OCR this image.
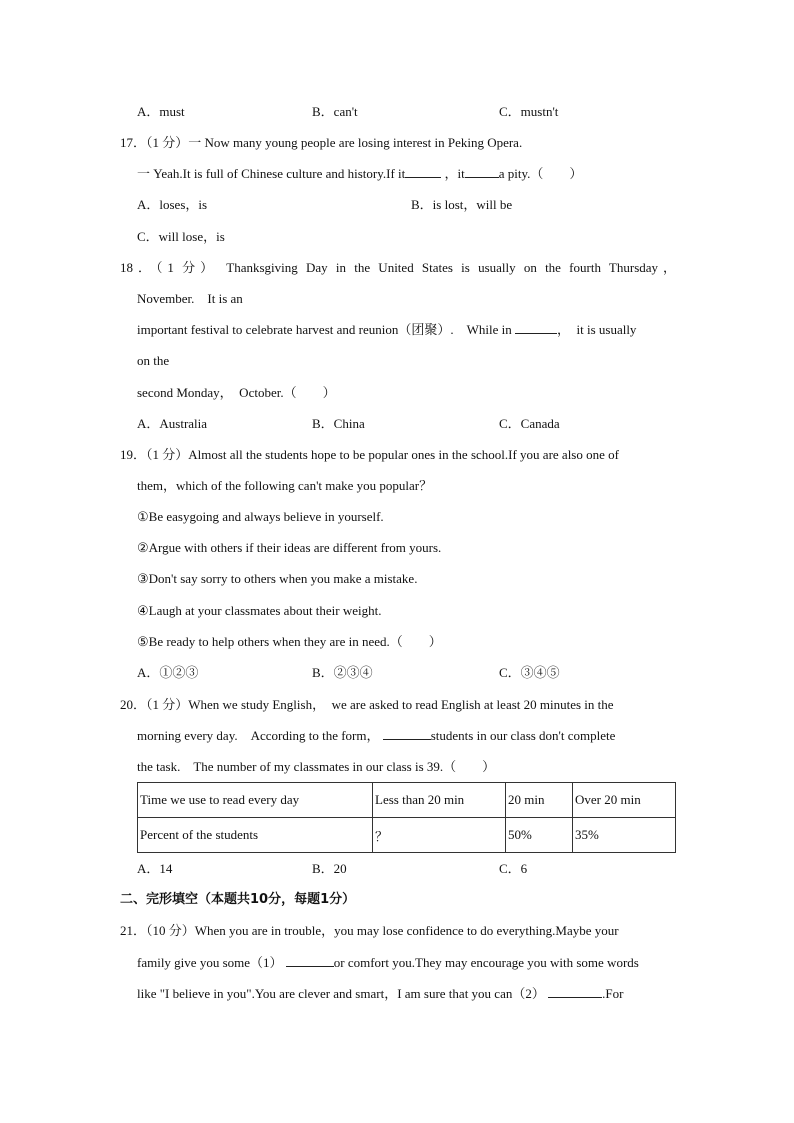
A．must	B．can't	C．mustn't
17．（1 分）一 Now many young people are losing interest in Peking Opera.
一 Yeah.It is full of Chinese culture and history.If it	，it	a pity.（　　）
A．loses，is	B．is lost，will be
C．will lose，is
18．（1 分） Thanksgiving Day in the United States is usually on the fourth Thursday，
November.　It is an
important festival to celebrate harvest and reunion（团聚）.　While in	，　it is usually
on the
second Monday，　October.（　　）
A．Australia	B．China	C．Canada
19．（1 分）Almost all the students hope to be popular ones in the school.If you are also one of
them，which of the following can't make you popular？
①Be easygoing and always believe in yourself.
②Argue with others if their ideas are different from yours.
③Don't say sorry to others when you make a mistake.
④Laugh at your classmates about their weight.
⑤Be ready to help others when they are in need.（　　）
A．①②③	B．②③④	C．③④⑤
20．（1 分）When we study English，　we are asked to read English at least 20 minutes in the
morning every day.　According to the form，	students in our class don't complete
the task.　The number of my classmates in our class is 39.（　　）
Time we use to read every day	Less than 20 min	20 min	Over 20 min
Percent of the students	？	50%	35%
A．14	B．20	C．6
二、完形填空（本题共10分，每题1分）
21．（10 分）When you are in trouble，you may lose confidence to do everything.Maybe your
family give you some（1）	or comfort you.They may encourage you with some words
like "I believe in you".You are clever and smart，I am sure that you can（2）	.For
